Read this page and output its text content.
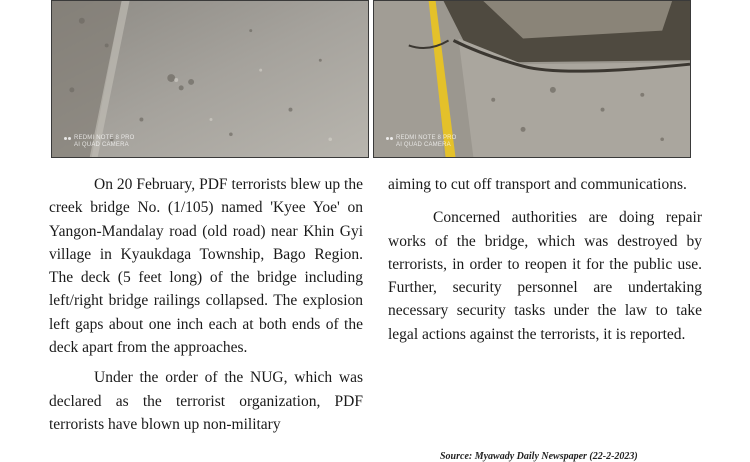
REDMI NOTE 8 PRO
AI QUAD CAMERA
REDMI NOTE 8 PRO
AI QUAD CAMERA

On 20 February, PDF terrorists blew up the creek bridge No. (1/105) named 'Kyee Yoe' on Yangon-Mandalay road (old road) near Khin Gyi village in Kyaukdaga Township, Bago Region. The deck (5 feet long) of the bridge including left/right bridge railings collapsed. The explosion left gaps about one inch each at both ends of the deck apart from the approaches.

Under the order of the NUG, which was declared as the terrorist organization, PDF terrorists have blown up non-military

aiming to cut off transport and communications.

Concerned authorities are doing repair works of the bridge, which was destroyed by terrorists, in order to reopen it for the public use. Further, security personnel are undertaking necessary security tasks under the law to take legal actions against the terrorists, it is reported.

Source: Myawady Daily Newspaper (22-2-2023)
